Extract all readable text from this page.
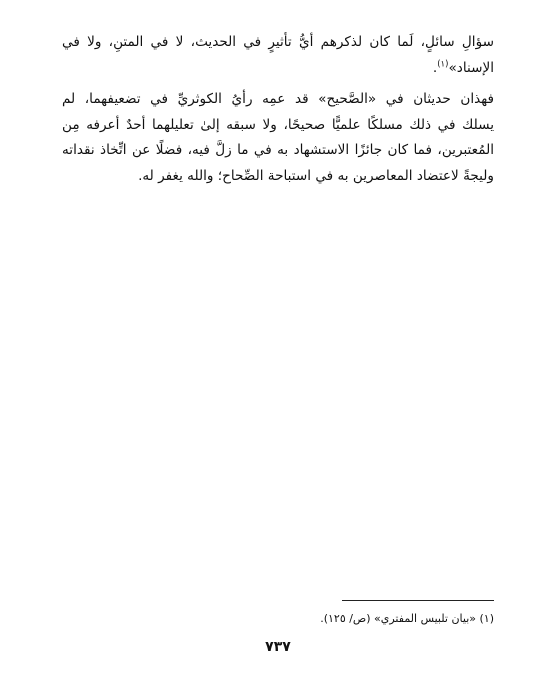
سؤالِ سائلٍ، لَما كان لذكرهم أيُّ تأثيرٍ في الحديث، لا في المتنِ، ولا في
الإسناد»$^{(١)}$.
فهذان حديثان في «الصَّحيح» قد عمِه رأيُ الكوثريِّ في تضعيفهما، لم
يسلك في ذلك مسلكًا علميًّا صحيحًا، ولا سبقه إلىٰ تعليلهما أحدٌ أعرفه مِن
المُعتبرين، فما كان جائزًا الاستشهاد به في ما زلَّ فيه، فضلًا عن اتِّخاذ نقداته
وليجةً لاعتضاد المعاصرين به في استباحة الصِّحاح؛ والله يغفر له.
(١) «بيان تلبيس المفتري» (ص/ ١٢٥).
٧٣٧
